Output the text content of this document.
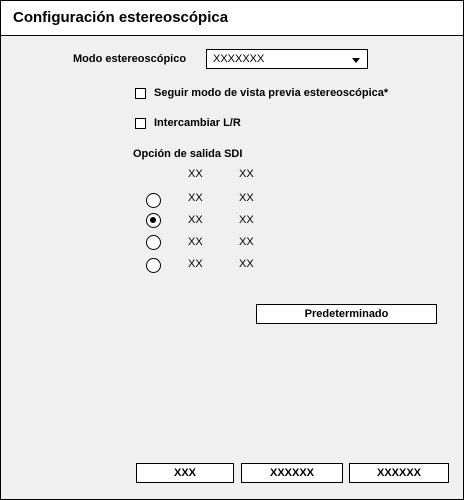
Configuración estereoscópica
Modo estereoscópico XXXXXXX
Seguir modo de vista previa estereoscópica*
Intercambiar L/R
Opción de salida SDI
XX	XX
XX	XX
XX	XX
XX	XX
XX	XX
Predeterminado
XXX	XXXXXX	XXXXXX
